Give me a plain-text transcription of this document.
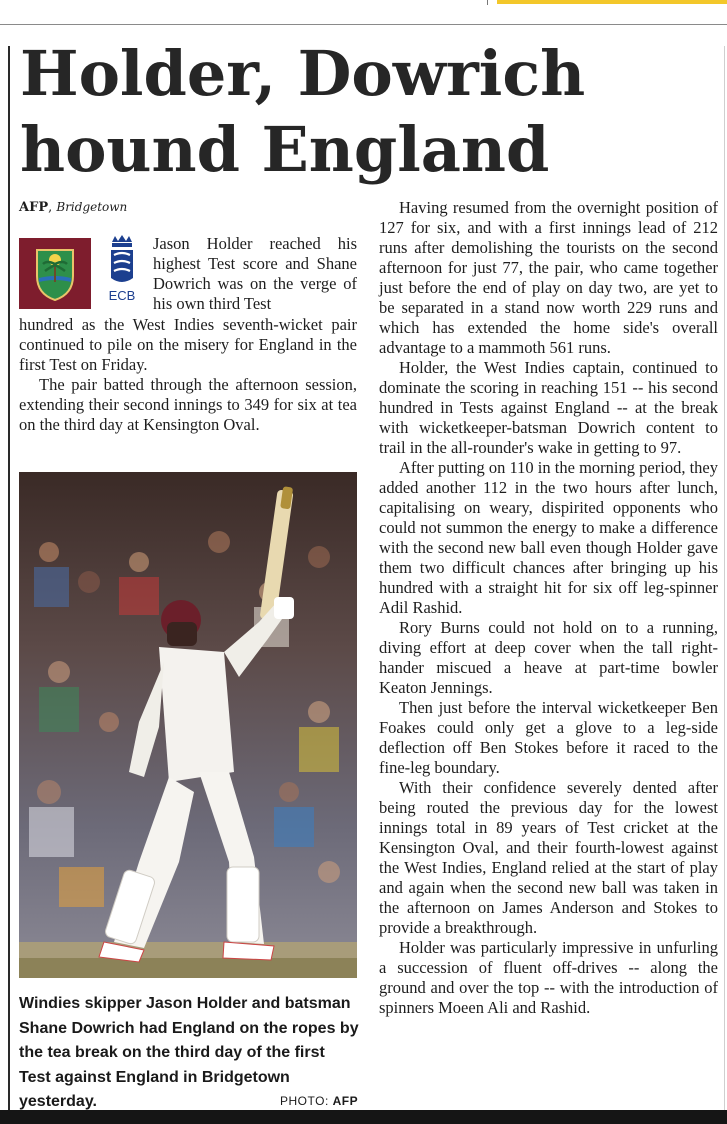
Holder, Dowrich
hound England
AFP, Bridgetown
ECB

Jason Holder reached his highest Test score and Shane Dowrich was on the verge of his own third Test

hundred as the West Indies seventh-wicket pair continued to pile on the misery for England in the first Test on Friday.

The pair batted through the afternoon session, extending their second innings to 349 for six at tea on the third day at Kensington Oval.

Windies skipper Jason Holder and batsman Shane Dowrich had England on the ropes by the tea break on the third day of the first Test against England in Bridgetown yesterday.	PHOTO: AFP

Having resumed from the overnight position of 127 for six, and with a first innings lead of 212 runs after demolishing the tourists on the second afternoon for just 77, the pair, who came together just before the end of play on day two, are yet to be separated in a stand now worth 229 runs and which has extended the home side's overall advantage to a mammoth 561 runs.

Holder, the West Indies captain, continued to dominate the scoring in reaching 151 -- his second hundred in Tests against England -- at the break with wicketkeeper-batsman Dowrich content to trail in the all-rounder's wake in getting to 97.

After putting on 110 in the morning period, they added another 112 in the two hours after lunch, capitalising on weary, dispirited opponents who could not summon the energy to make a difference with the second new ball even though Holder gave them two difficult chances after bringing up his hundred with a straight hit for six off leg-spinner Adil Rashid.

Rory Burns could not hold on to a running, diving effort at deep cover when the tall right-hander miscued a heave at part-time bowler Keaton Jennings.

Then just before the interval wicketkeeper Ben Foakes could only get a glove to a leg-side deflection off Ben Stokes before it raced to the fine-leg boundary.

With their confidence severely dented after being routed the previous day for the lowest innings total in 89 years of Test cricket at the Kensington Oval, and their fourth-lowest against the West Indies, England relied at the start of play and again when the second new ball was taken in the afternoon on James Anderson and Stokes to provide a breakthrough.

Holder was particularly impressive in unfurling a succession of fluent off-drives -- along the ground and over the top -- with the introduction of spinners Moeen Ali and Rashid.
